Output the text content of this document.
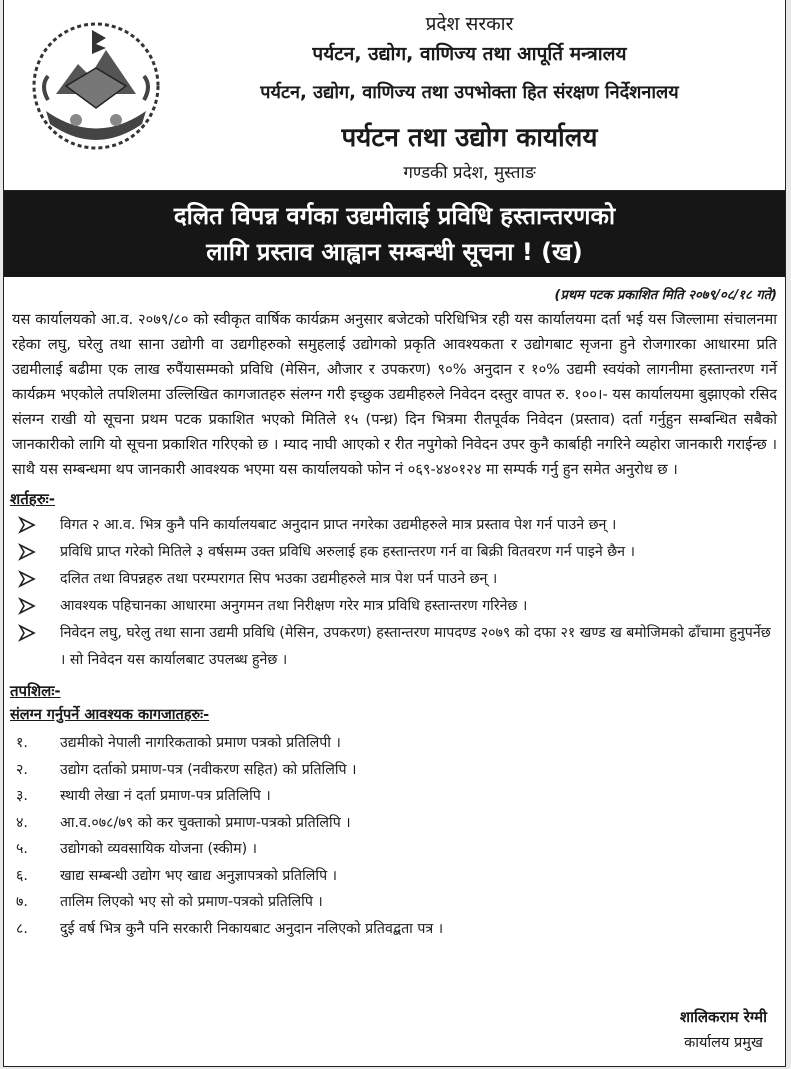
प्रदेश सरकार
पर्यटन, उद्योग, वाणिज्य तथा आपूर्ति मन्त्रालय
पर्यटन, उद्योग, वाणिज्य तथा उपभोक्ता हित संरक्षण निर्देशनालय
पर्यटन तथा उद्योग कार्यालय
गण्डकी प्रदेश, मुस्ताङ
दलित विपन्न वर्गका उद्यमीलाई प्रविधि हस्तान्तरणको
लागि प्रस्ताव आह्वान सम्बन्धी सूचना ! (ख)
(प्रथम पटक प्रकाशित मिति २०७९/०८/१८ गते)
यस कार्यालयको आ.व. २०७९/८० को स्वीकृत वार्षिक कार्यक्रम अनुसार बजेटको परिधिभित्र रही यस कार्यालयमा दर्ता भई यस जिल्लामा संचालनमा रहेका लघु, घरेलु तथा साना उद्योगी वा उद्यगीहरुको समुहलाई उद्योगको प्रकृति आवश्यकता र उद्योगबाट सृजना हुने रोजगारका आधारमा प्रति उद्यमीलाई बढीमा एक लाख रुपैंयासम्मको प्रविधि (मेसिन, औजार र उपकरण) ९०% अनुदान र १०% उद्यमी स्वयंको लागनीमा हस्तान्तरण गर्ने कार्यक्रम भएकोले तपशिलमा उल्लिखित कागजातहरु संलग्न गरी इच्छुक उद्यमीहरुले निवेदन दस्तुर वापत रु. १००।- यस कार्यालयमा बुझाएको रसिद संलग्न राखी यो सूचना प्रथम पटक प्रकाशित भएको मितिले १५ (पन्ध्र) दिन भित्रमा रीतपूर्वक निवेदन (प्रस्ताव) दर्ता गर्नुहुन सम्बन्धित सबैको जानकारीको लागि यो सूचना प्रकाशित गरिएको छ । म्याद नाघी आएको र रीत नपुगेको निवेदन उपर कुनै कार्बाही नगरिने व्यहोरा जानकारी गराईन्छ । साथै यस सम्बन्धमा थप जानकारी आवश्यक भएमा यस कार्यालयको फोन नं ०६९-४४०१२४ मा सम्पर्क गर्नु हुन समेत अनुरोध छ ।
शर्तहरुः-
विगत २ आ.व. भित्र कुनै पनि कार्यालयबाट अनुदान प्राप्त नगरेका उद्यमीहरुले मात्र प्रस्ताव पेश गर्न पाउने छन् ।
प्रविधि प्राप्त गरेको मितिले ३ वर्षसम्म उक्त प्रविधि अरुलाई हक हस्तान्तरण गर्न वा बिक्री वितवरण गर्न पाइने छैन ।
दलित तथा विपन्नहरु तथा परम्परागत सिप भउका उद्यमीहरुले मात्र पेश पर्न पाउने छन् ।
आवश्यक पहिचानका आधारमा अनुगमन तथा निरीक्षण गरेर मात्र प्रविधि हस्तान्तरण गरिनेछ ।
निवेदन लघु, घरेलु तथा साना उद्यमी प्रविधि (मेसिन, उपकरण) हस्तान्तरण मापदण्ड २०७९ को दफा २१ खण्ड ख बमोजिमको ढाँचामा हुनुपर्नेछ । सो निवेदन यस कार्यालबाट उपलब्ध हुनेछ ।
तपशिलः-
संलग्न गर्नुपर्ने आवश्यक कागजातहरुः-
१. उद्यमीको नेपाली नागरिकताको प्रमाण पत्रको प्रतिलिपी ।
२. उद्योग दर्ताको प्रमाण-पत्र (नवीकरण सहित) को प्रतिलिपि ।
३. स्थायी लेखा नं दर्ता प्रमाण-पत्र प्रतिलिपि ।
४. आ.व.०७८/७९ को कर चुक्ताको प्रमाण-पत्रको प्रतिलिपि ।
५. उद्योगको व्यवसायिक योजना (स्कीम) ।
६. खाद्य सम्बन्धी उद्योग भए खाद्य अनुज्ञापत्रको प्रतिलिपि ।
७. तालिम लिएको भए सो को प्रमाण-पत्रको प्रतिलिपि ।
८. दुई वर्ष भित्र कुनै पनि सरकारी निकायबाट अनुदान नलिएको प्रतिवद्बता पत्र ।
शालिकराम रेग्मी
कार्यालय प्रमुख
